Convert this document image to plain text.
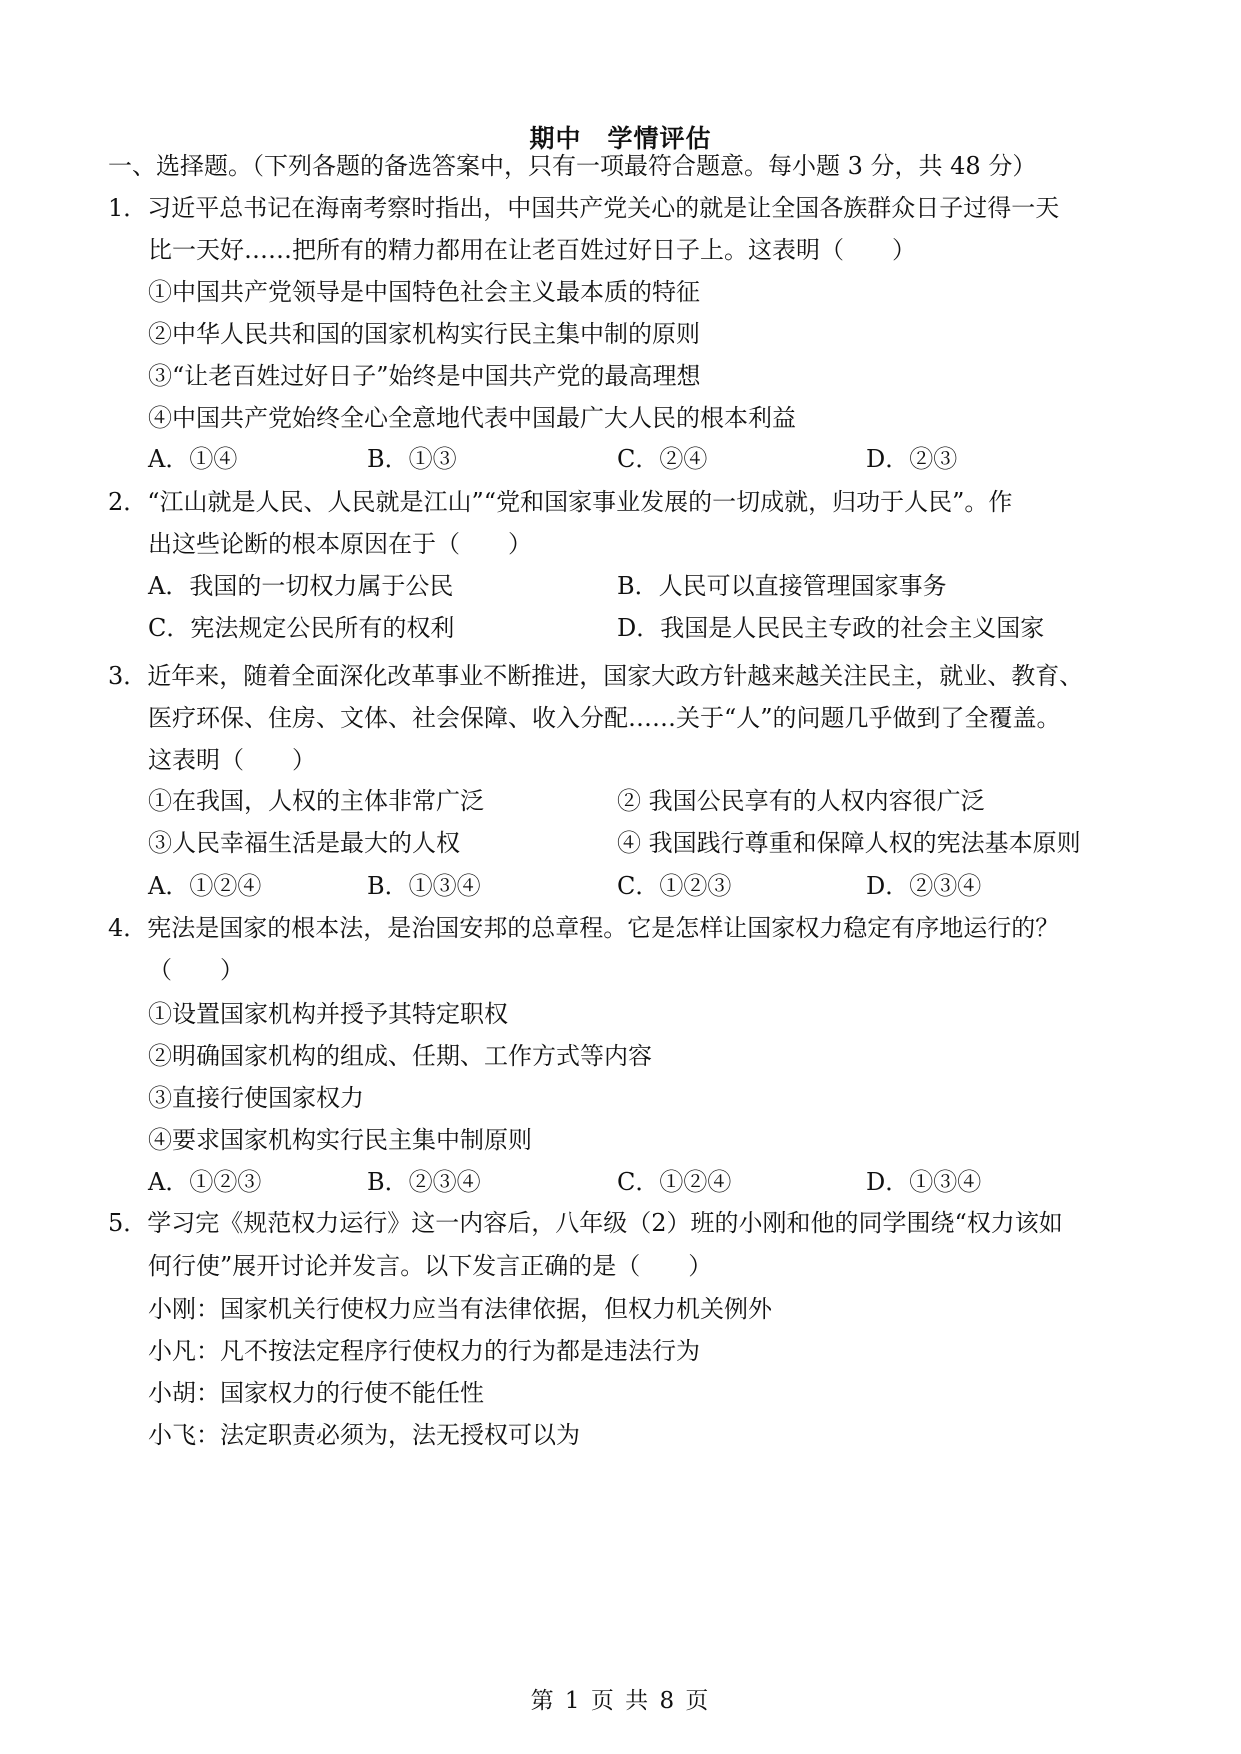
期中　学情评估
一、选择题。（下列各题的备选答案中，只有一项最符合题意。每小题 3 分，共 48 分）
1．习近平总书记在海南考察时指出，中国共产党关心的就是让全国各族群众日子过得一天
比一天好……把所有的精力都用在让老百姓过好日子上。这表明（　　）
①中国共产党领导是中国特色社会主义最本质的特征
②中华人民共和国的国家机构实行民主集中制的原则
③“让老百姓过好日子”始终是中国共产党的最高理想
④中国共产党始终全心全意地代表中国最广大人民的根本利益
A．①④	B．①③	C．②④	D．②③
2．“江山就是人民、人民就是江山”“党和国家事业发展的一切成就，归功于人民”。作
出这些论断的根本原因在于（　　）
A．我国的一切权力属于公民	B．人民可以直接管理国家事务
C．宪法规定公民所有的权利	D．我国是人民民主专政的社会主义国家
3．近年来，随着全面深化改革事业不断推进，国家大政方针越来越关注民主，就业、教育、
医疗环保、住房、文体、社会保障、收入分配……关于“人”的问题几乎做到了全覆盖。
这表明（　　）
①在我国，人权的主体非常广泛	② 我国公民享有的人权内容很广泛
③人民幸福生活是最大的人权	④ 我国践行尊重和保障人权的宪法基本原则
A．①②④	B．①③④	C．①②③	D．②③④
4．宪法是国家的根本法，是治国安邦的总章程。它是怎样让国家权力稳定有序地运行的？
（　　）
①设置国家机构并授予其特定职权
②明确国家机构的组成、任期、工作方式等内容
③直接行使国家权力
④要求国家机构实行民主集中制原则
A．①②③	B．②③④	C．①②④	D．①③④
5．学习完《规范权力运行》这一内容后，八年级（2）班的小刚和他的同学围绕“权力该如
何行使”展开讨论并发言。以下发言正确的是（　　）
小刚：国家机关行使权力应当有法律依据，但权力机关例外
小凡：凡不按法定程序行使权力的行为都是违法行为
小胡：国家权力的行使不能任性
小飞：法定职责必须为，法无授权可以为
第 1 页 共 8 页
